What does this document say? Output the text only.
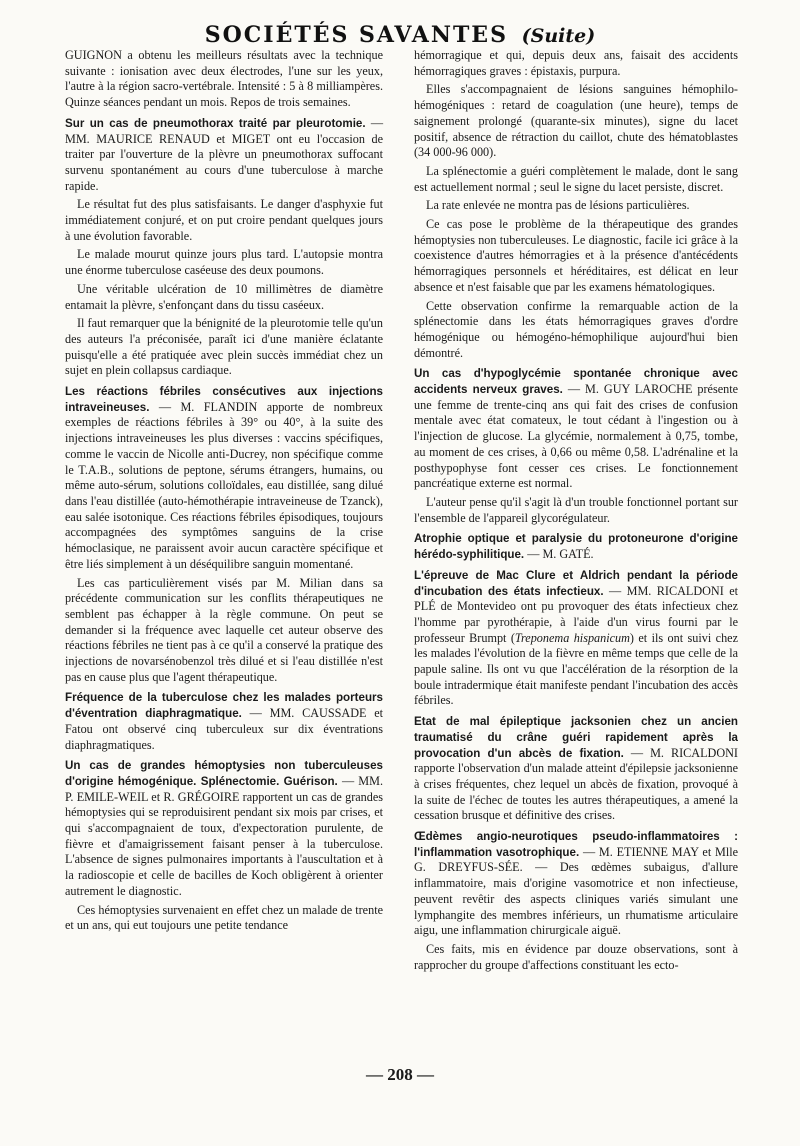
SOCIÉTÉS SAVANTES (Suite)

GUIGNON a obtenu les meilleurs résultats avec la technique suivante : ionisation avec deux électrodes, l'une sur les yeux, l'autre à la région sacro-vertébrale. Intensité : 5 à 8 milliampères. Quinze séances pendant un mois. Repos de trois semaines.

Sur un cas de pneumothorax traité par pleurotomie. — MM. MAURICE RENAUD et MIGET ont eu l'occasion de traiter par l'ouverture de la plèvre un pneumothorax suffocant survenu spontanément au cours d'une tuberculose à marche rapide.

Le résultat fut des plus satisfaisants. Le danger d'asphyxie fut immédiatement conjuré, et on put croire pendant quelques jours à une évolution favorable.

Le malade mourut quinze jours plus tard. L'autopsie montra une énorme tuberculose caséeuse des deux poumons.

Une véritable ulcération de 10 millimètres de diamètre entamait la plèvre, s'enfonçant dans du tissu caséeux.

Il faut remarquer que la bénignité de la pleurotomie telle qu'un des auteurs l'a préconisée, paraît ici d'une manière éclatante puisqu'elle a été pratiquée avec plein succès immédiat chez un sujet en plein collapsus cardiaque.

Les réactions fébriles consécutives aux injections intraveineuses. — M. FLANDIN apporte de nombreux exemples de réactions fébriles à 39° ou 40°, à la suite des injections intraveineuses les plus diverses : vaccins spécifiques, comme le vaccin de Nicolle anti-Ducrey, non spécifique comme le T.A.B., solutions de peptone, sérums étrangers, humains, ou même auto-sérum, solutions colloïdales, eau distillée, sang dilué dans l'eau distillée (auto-hémothérapie intraveineuse de Tzanck), eau salée isotonique. Ces réactions fébriles épisodiques, toujours accompagnées des symptômes sanguins de la crise hémoclasique, ne paraissent avoir aucun caractère spécifique et être liés simplement à un déséquilibre sanguin momentané.

Les cas particulièrement visés par M. Milian dans sa précédente communication sur les conflits thérapeutiques ne semblent pas échapper à la règle commune. On peut se demander si la fréquence avec laquelle cet auteur observe des réactions fébriles ne tient pas à ce qu'il a conservé la pratique des injections de novarsénobenzol très dilué et si l'eau distillée n'est pas en cause plus que l'agent thérapeutique.

Fréquence de la tuberculose chez les malades porteurs d'éventration diaphragmatique. — MM. CAUSSADE et Fatou ont observé cinq tuberculeux sur dix éventrations diaphragmatiques.
Un cas de grandes hémoptysies non tuberculeuses d'origine hémogénique. Splénectomie. Guérison. — MM. P. EMILE-WEIL et R. GRÉGOIRE rapportent un cas de grandes hémoptysies qui se reproduisirent pendant six mois par crises, et qui s'accompagnaient de toux, d'expectoration purulente, de fièvre et d'amaigrissement faisant penser à la tuberculose. L'absence de signes pulmonaires importants à l'auscultation et à la radioscopie et celle de bacilles de Koch obligèrent à orienter autrement le diagnostic.

Ces hémoptysies survenaient en effet chez un malade de trente et un ans, qui eut toujours une petite tendance

hémorragique et qui, depuis deux ans, faisait des accidents hémorragiques graves : épistaxis, purpura.

Elles s'accompagnaient de lésions sanguines hémophilo-hémogéniques : retard de coagulation (une heure), temps de saignement prolongé (quarante-six minutes), signe du lacet positif, absence de rétraction du caillot, chute des hématoblastes (34 000-96 000).

La splénectomie a guéri complètement le malade, dont le sang est actuellement normal ; seul le signe du lacet persiste, discret.

La rate enlevée ne montra pas de lésions particulières.

Ce cas pose le problème de la thérapeutique des grandes hémoptysies non tuberculeuses. Le diagnostic, facile ici grâce à la coexistence d'autres hémorragies et à la présence d'antécédents hémorragiques personnels et héréditaires, est délicat en leur absence et n'est faisable que par les examens hématologiques.

Cette observation confirme la remarquable action de la splénectomie dans les états hémorragiques graves d'ordre hémogénique ou hémogéno-hémophilique aujourd'hui bien démontré.

Un cas d'hypoglycémie spontanée chronique avec accidents nerveux graves. — M. GUY LAROCHE présente une femme de trente-cinq ans qui fait des crises de confusion mentale avec état comateux, le tout cédant à l'ingestion ou à l'injection de glucose. La glycémie, normalement à 0,75, tombe, au moment de ces crises, à 0,66 ou même 0,58. L'adrénaline et la posthypophyse font cesser ces crises. Le fonctionnement pancréatique externe est normal.

L'auteur pense qu'il s'agit là d'un trouble fonctionnel portant sur l'ensemble de l'appareil glycorégulateur.

Atrophie optique et paralysie du protoneurone d'origine hérédo-syphilitique. — M. GATÉ.
L'épreuve de Mac Clure et Aldrich pendant la période d'incubation des états infectieux. — MM. RICALDONI et PLÉ de Montevideo ont pu provoquer des états infectieux chez l'homme par pyrothérapie, à l'aide d'un virus fourni par le professeur Brumpt (Treponema hispanicum) et ils ont suivi chez les malades l'évolution de la fièvre en même temps que celle de la papule saline. Ils ont vu que l'accélération de la résorption de la boule intradermique était manifeste pendant l'incubation des accès fébriles.
Etat de mal épileptique jacksonien chez un ancien traumatisé du crâne guéri rapidement après la provocation d'un abcès de fixation. — M. RICALDONI rapporte l'observation d'un malade atteint d'épilepsie jacksonienne à crises fréquentes, chez lequel un abcès de fixation, provoqué à la suite de l'échec de toutes les autres thérapeutiques, a amené la cessation brusque et définitive des crises.
Œdèmes angio-neurotiques pseudo-inflammatoires : l'inflammation vasotrophique. — M. ETIENNE MAY et Mlle G. DREYFUS-SÉE. — Des œdèmes subaigus, d'allure inflammatoire, mais d'origine vasomotrice et non infectieuse, peuvent revêtir des aspects cliniques variés simulant une lymphangite des membres inférieurs, un rhumatisme articulaire aigu, une inflammation chirurgicale aiguë.

Ces faits, mis en évidence par douze observations, sont à rapprocher du groupe d'affections constituant les ecto-

— 208 —
